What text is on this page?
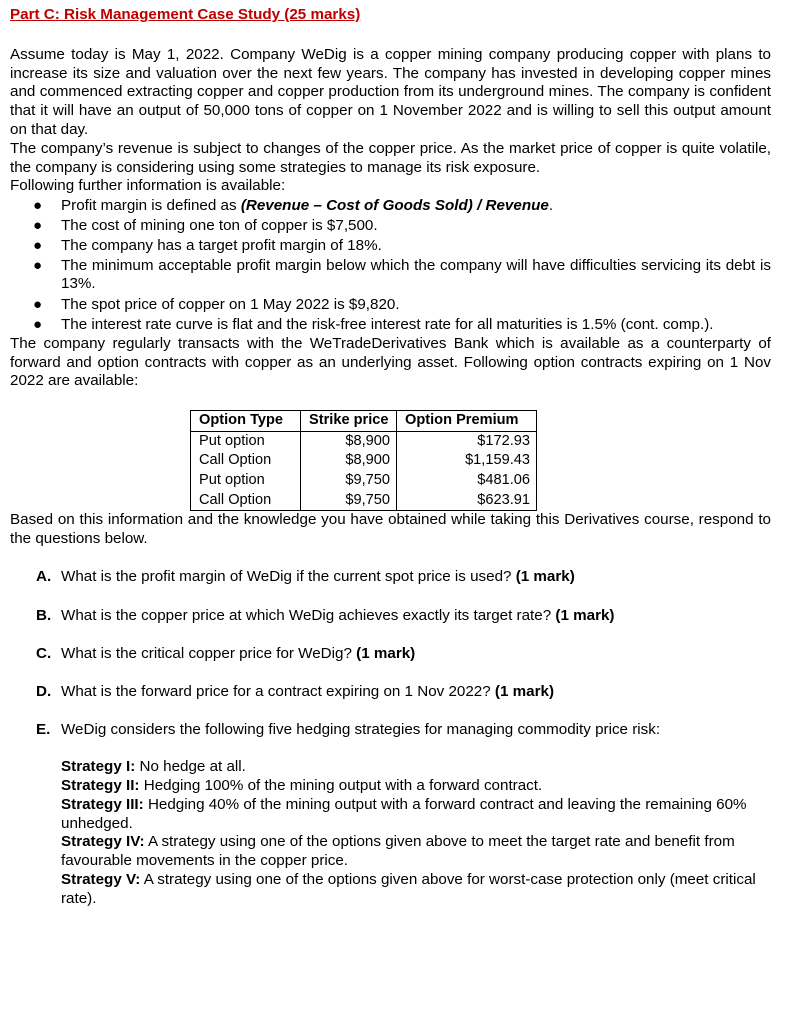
Part C: Risk Management Case Study (25 marks)

Assume today is May 1, 2022. Company WeDig is a copper mining company producing copper with plans to increase its size and valuation over the next few years. The company has invested in developing copper mines and commenced extracting copper and copper production from its underground mines. The company is confident that it will have an output of 50,000 tons of copper on 1 November 2022 and is willing to sell this output amount on that day.

The company’s revenue is subject to changes of the copper price. As the market price of copper is quite volatile, the company is considering using some strategies to manage its risk exposure.

Following further information is available:

● Profit margin is defined as (Revenue – Cost of Goods Sold) / Revenue.
● The cost of mining one ton of copper is $7,500.
● The company has a target profit margin of 18%.
● The minimum acceptable profit margin below which the company will have difficulties servicing its debt is 13%.
● The spot price of copper on 1 May 2022 is $9,820.
● The interest rate curve is flat and the risk-free interest rate for all maturities is 1.5% (cont. comp.).

The company regularly transacts with the WeTradeDerivatives Bank which is available as a counterparty of forward and option contracts with copper as an underlying asset. Following option contracts expiring on 1 Nov 2022 are available:

Option Type	Strike price	Option Premium
Put option	$8,900	$172.93
Call Option	$8,900	$1,159.43
Put option	$9,750	$481.06
Call Option	$9,750	$623.91

Based on this information and the knowledge you have obtained while taking this Derivatives course, respond to the questions below.

A. What is the profit margin of WeDig if the current spot price is used? (1 mark)
B. What is the copper price at which WeDig achieves exactly its target rate? (1 mark)
C. What is the critical copper price for WeDig? (1 mark)
D. What is the forward price for a contract expiring on 1 Nov 2022? (1 mark)
E. WeDig considers the following five hedging strategies for managing commodity price risk:

Strategy I: No hedge at all.

Strategy II: Hedging 100% of the mining output with a forward contract.

Strategy III: Hedging 40% of the mining output with a forward contract and leaving the remaining 60% unhedged.

Strategy IV: A strategy using one of the options given above to meet the target rate and benefit from favourable movements in the copper price.

Strategy V: A strategy using one of the options given above for worst-case protection only (meet critical rate).
